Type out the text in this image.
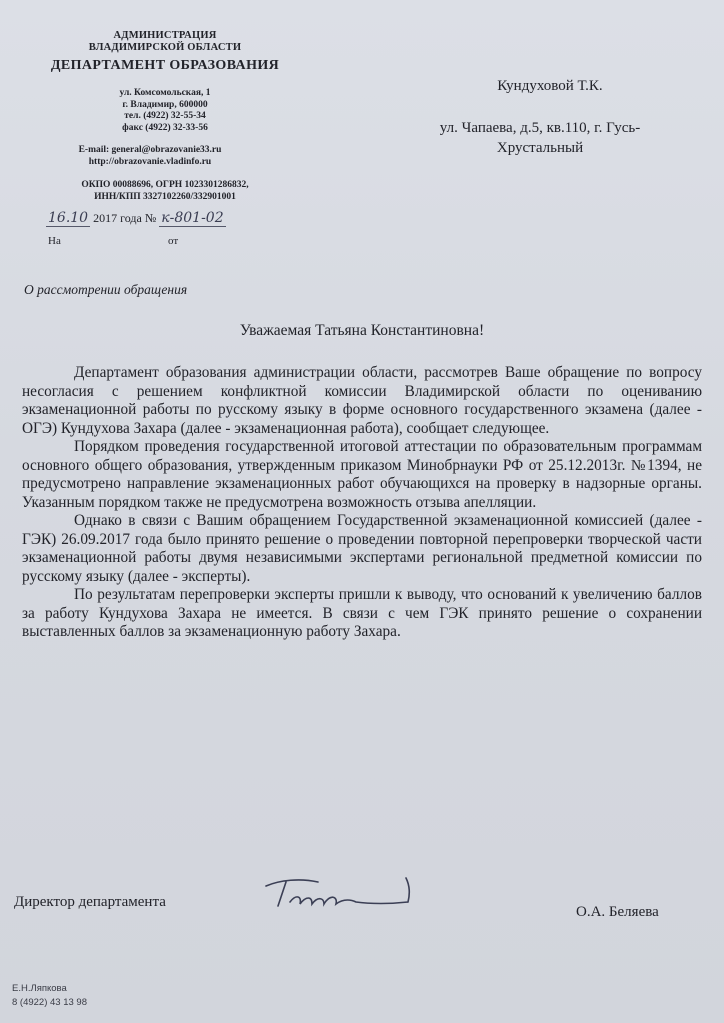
АДМИНИСТРАЦИЯ
ВЛАДИМИРСКОЙ ОБЛАСТИ
ДЕПАРТАМЕНТ ОБРАЗОВАНИЯ
ул. Комсомольская, 1
г. Владимир, 600000
тел. (4922) 32-55-34
факс (4922) 32-33-56
E-mail: general@obrazovanie33.ru
http://obrazovanie.vladinfo.ru
ОКПО 00088696, ОГРН 1023301286832,
ИНН/КПП 3327102260/332901001
16.10 2017 года № к-801-02
На	от
Кундуховой Т.К.
ул. Чапаева, д.5, кв.110, г. Гусь-
Хрустальный
О рассмотрении обращения
Уважаемая Татьяна Константиновна!

Департамент образования администрации области, рассмотрев Ваше обращение по вопросу несогласия с решением конфликтной комиссии Владимирской области по оцениванию экзаменационной работы по русскому языку в форме основного государственного экзамена (далее - ОГЭ) Кундухова Захара (далее - экзаменационная работа), сообщает следующее.

Порядком проведения государственной итоговой аттестации по образовательным программам основного общего образования, утвержденным приказом Минобрнауки РФ от 25.12.2013г. №1394, не предусмотрено направление экзаменационных работ обучающихся на проверку в надзорные органы. Указанным порядком также не предусмотрена возможность отзыва апелляции.

Однако в связи с Вашим обращением Государственной экзаменационной комиссией (далее - ГЭК) 26.09.2017 года было принято решение о проведении повторной перепроверки творческой части экзаменационной работы двумя независимыми экспертами региональной предметной комиссии по русскому языку (далее - эксперты).

По результатам перепроверки эксперты пришли к выводу, что оснований к увеличению баллов за работу Кундухова Захара не имеется. В связи с чем ГЭК принято решение о сохранении выставленных баллов за экзаменационную работу Захара.

Директор департамента
О.А. Беляева
Е.Н.Ляпкова
8 (4922) 43 13 98
